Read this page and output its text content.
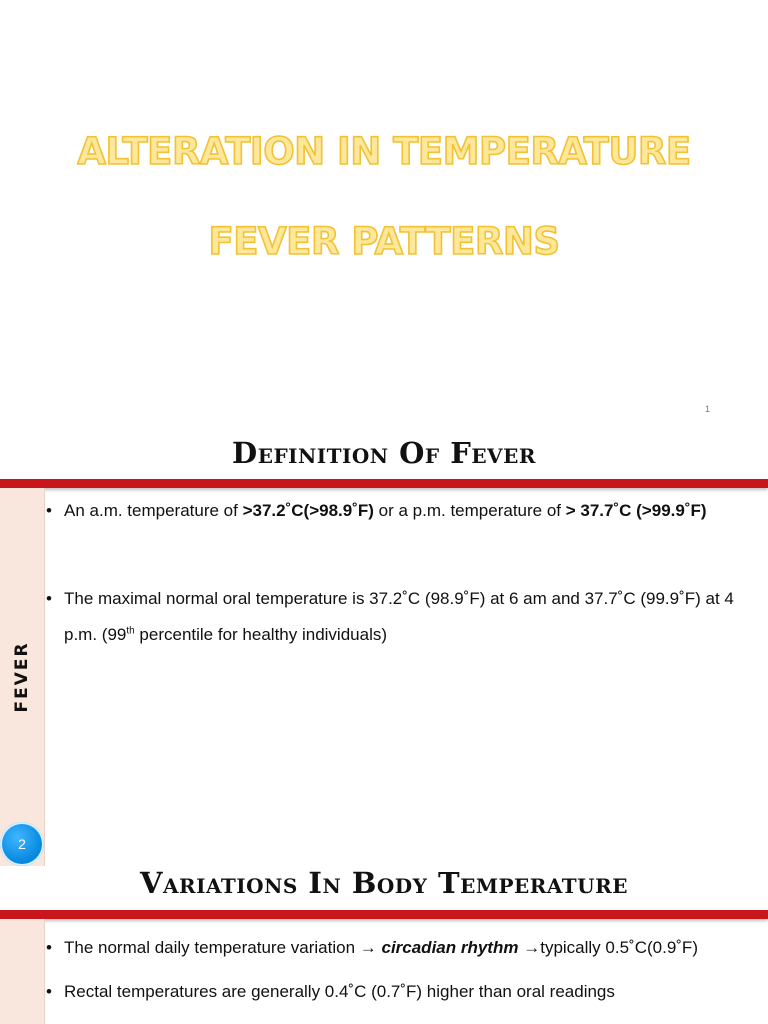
ALTERATION IN TEMPERATURE
FEVER PATTERNS
1
Definition Of Fever
FEVER
2
• An a.m. temperature of >37.2˚C(>98.9˚F) or a p.m. temperature of > 37.7˚C (>99.9˚F)
• The maximal normal oral temperature is 37.2˚C (98.9˚F) at 6 am and 37.7˚C (99.9˚F) at 4 p.m. (99th percentile for healthy individuals)
Variations In Body Temperature
• The normal daily temperature variation → circadian rhythm →typically 0.5˚C(0.9˚F)
• Rectal temperatures are generally 0.4˚C (0.7˚F) higher than oral readings
